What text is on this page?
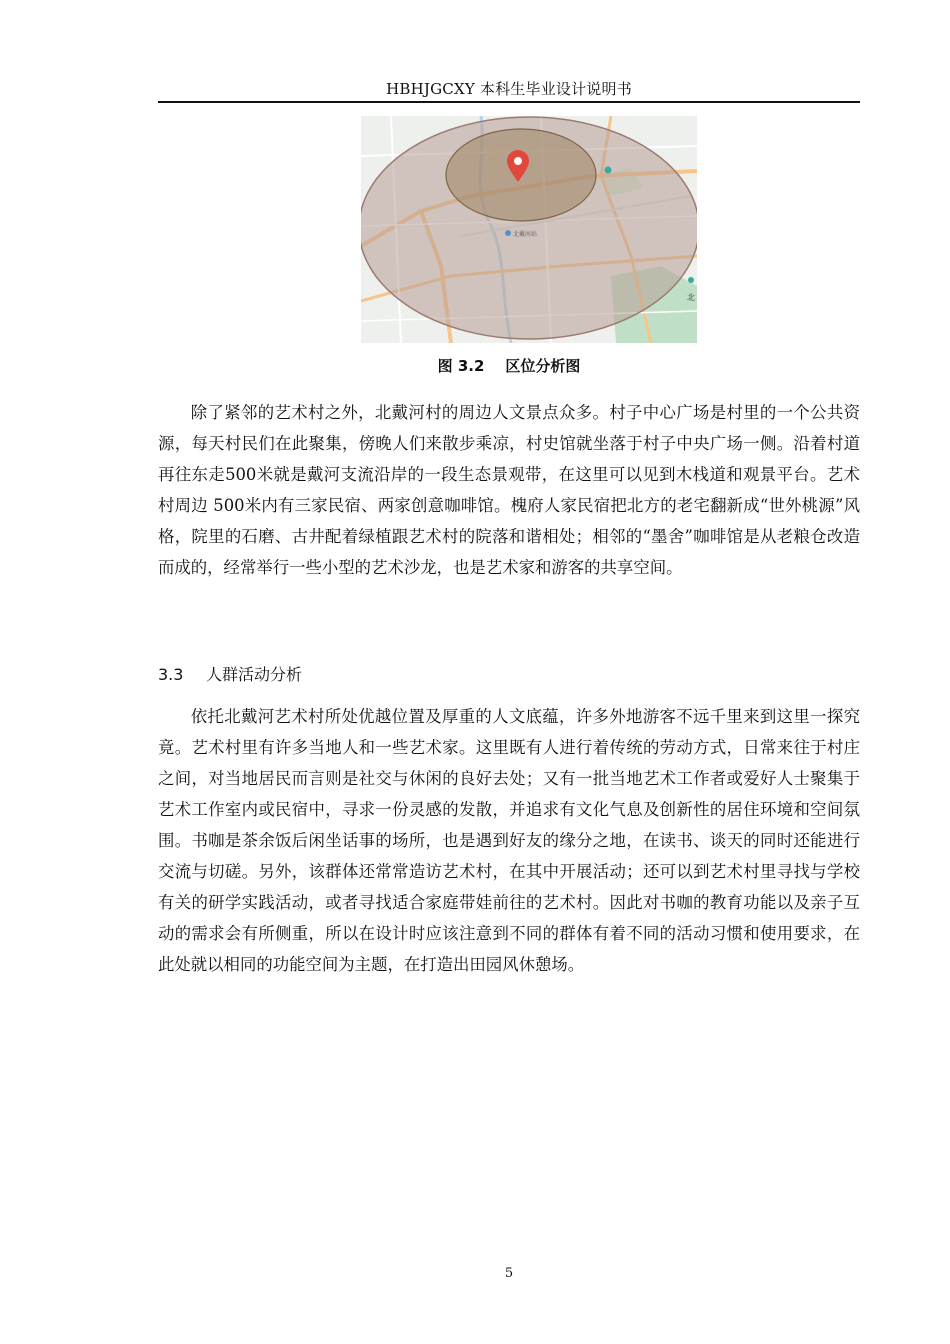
HBHJGCXY 本科生毕业设计说明书
北戴河站
北
图 3.2 区位分析图

除了紧邻的艺术村之外，北戴河村的周边人文景点众多。村子中心广场是村里的一个公共资源，每天村民们在此聚集，傍晚人们来散步乘凉，村史馆就坐落于村子中央广场一侧。沿着村道再往东走500米就是戴河支流沿岸的一段生态景观带，在这里可以见到木栈道和观景平台。艺术村周边 500米内有三家民宿、两家创意咖啡馆。槐府人家民宿把北方的老宅翻新成“世外桃源”风格，院里的石磨、古井配着绿植跟艺术村的院落和谐相处；相邻的“墨舍”咖啡馆是从老粮仓改造而成的，经常举行一些小型的艺术沙龙，也是艺术家和游客的共享空间。

3.3 人群活动分析

依托北戴河艺术村所处优越位置及厚重的人文底蕴，许多外地游客不远千里来到这里一探究竟。艺术村里有许多当地人和一些艺术家。这里既有人进行着传统的劳动方式，日常来往于村庄之间，对当地居民而言则是社交与休闲的良好去处；又有一批当地艺术工作者或爱好人士聚集于艺术工作室内或民宿中，寻求一份灵感的发散，并追求有文化气息及创新性的居住环境和空间氛围。书咖是茶余饭后闲坐话事的场所，也是遇到好友的缘分之地，在读书、谈天的同时还能进行交流与切磋。另外，该群体还常常造访艺术村，在其中开展活动；还可以到艺术村里寻找与学校有关的研学实践活动，或者寻找适合家庭带娃前往的艺术村。因此对书咖的教育功能以及亲子互动的需求会有所侧重，所以在设计时应该注意到不同的群体有着不同的活动习惯和使用要求，在此处就以相同的功能空间为主题，在打造出田园风休憩场。

5
